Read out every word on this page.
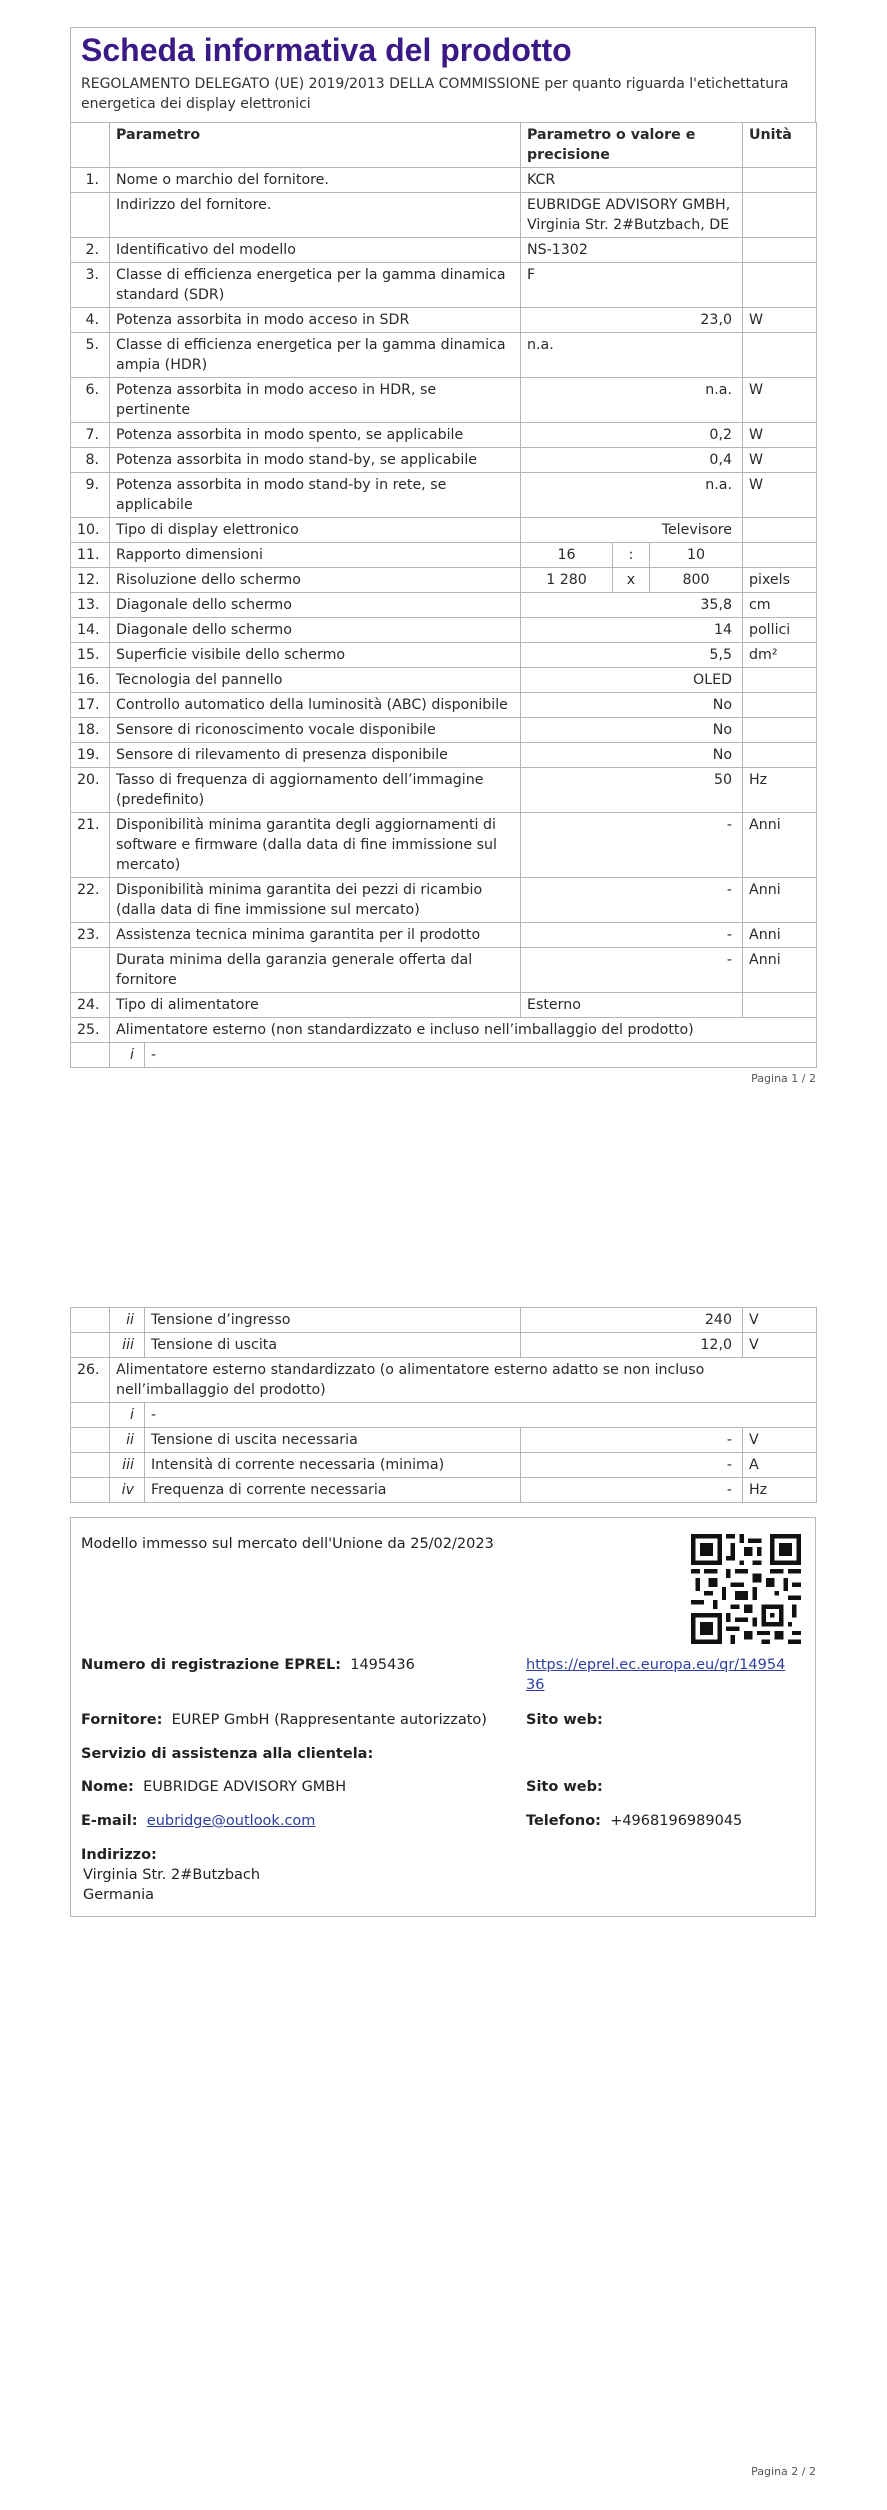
Scheda informativa del prodotto
REGOLAMENTO DELEGATO (UE) 2019/2013 DELLA COMMISSIONE per quanto riguarda l'etichettatura energetica dei display elettronici
	Parametro		Parametro o valore e precisione			Unità
1.	Nome o marchio del fornitore.		KCR			
	Indirizzo del fornitore.		EUBRIDGE ADVISORY GMBH, Virginia Str. 2#Butzbach, DE			
2.	Identificativo del modello		NS-1302			
3.	Classe di efficienza energetica per la gamma dinamica standard (SDR)		F			
4.	Potenza assorbita in modo acceso in SDR		23,0			W
5.	Classe di efficienza energetica per la gamma dinamica ampia (HDR)		n.a.			
6.	Potenza assorbita in modo acceso in HDR, se pertinente		n.a.			W
7.	Potenza assorbita in modo spento, se applicabile		0,2			W
8.	Potenza assorbita in modo stand-by, se applicabile		0,4			W
9.	Potenza assorbita in modo stand-by in rete, se applicabile		n.a.			W
10.	Tipo di display elettronico		Televisore			
11.	Rapporto dimensioni		16	:	10	
12.	Risoluzione dello schermo		1 280	x	800	pixels
13.	Diagonale dello schermo		35,8			cm
14.	Diagonale dello schermo		14			pollici
15.	Superficie visibile dello schermo		5,5			dm²
16.	Tecnologia del pannello		OLED			
17.	Controllo automatico della luminosità (ABC) disponibile		No			
18.	Sensore di riconoscimento vocale disponibile		No			
19.	Sensore di rilevamento di presenza disponibile		No			
20.	Tasso di frequenza di aggiornamento dell’immagine (predefinito)		50			Hz
21.	Disponibilità minima garantita degli aggiornamenti di software e firmware (dalla data di fine immissione sul mercato)		-			Anni
22.	Disponibilità minima garantita dei pezzi di ricambio (dalla data di fine immissione sul mercato)		-			Anni
23.	Assistenza tecnica minima garantita per il prodotto		-			Anni
	Durata minima della garanzia generale offerta dal fornitore		-			Anni
24.	Tipo di alimentatore		Esterno			
25.	Alimentatore esterno (non standardizzato e incluso nell’imballaggio del prodotto)					
	i	-				
Pagina 1 / 2
	ii	Tensione d’ingresso	240	V
	iii	Tensione di uscita	12,0	V
26.	Alimentatore esterno standardizzato (o alimentatore esterno adatto se non incluso nell’imballaggio del prodotto)			
	i	-		
	ii	Tensione di uscita necessaria	-	V
	iii	Intensità di corrente necessaria (minima)	-	A
	iv	Frequenza di corrente necessaria	-	Hz
Modello immesso sul mercato dell'Unione da 25/02/2023
Numero di registrazione EPREL: 1495436	https://eprel.ec.europa.eu/qr/1495436
Fornitore: EUREP GmbH (Rappresentante autorizzato)	Sito web:
Servizio di assistenza alla clientela:
Nome: EUBRIDGE ADVISORY GMBH	Sito web:
E-mail: eubridge@outlook.com	Telefono: +4968196989045
Indirizzo:
Virginia Str. 2#Butzbach
Germania
Pagina 2 / 2
